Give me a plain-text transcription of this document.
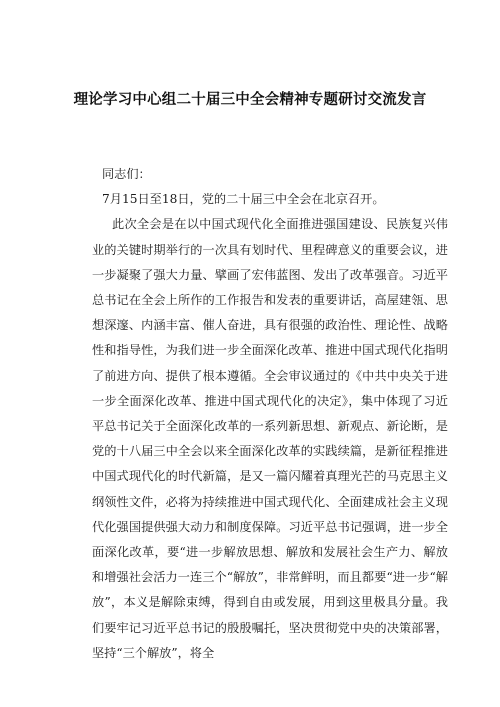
理论学习中心组二十届三中全会精神专题研讨交流发言

同志们：

7月15日至18日，党的二十届三中全会在北京召开。

此次全会是在以中国式现代化全面推进强国建设、民族复兴伟业的关键时期举行的一次具有划时代、里程碑意义的重要会议，进一步凝聚了强大力量、擘画了宏伟蓝图、发出了改革强音。习近平总书记在全会上所作的工作报告和发表的重要讲话，高屋建瓴、思想深邃、内涵丰富、催人奋进，具有很强的政治性、理论性、战略性和指导性，为我们进一步全面深化改革、推进中国式现代化指明了前进方向、提供了根本遵循。全会审议通过的《中共中央关于进一步全面深化改革、推进中国式现代化的决定》，集中体现了习近平总书记关于全面深化改革的一系列新思想、新观点、新论断，是党的十八届三中全会以来全面深化改革的实践续篇，是新征程推进中国式现代化的时代新篇，是又一篇闪耀着真理光芒的马克思主义纲领性文件，必将为持续推进中国式现代化、全面建成社会主义现代化强国提供强大动力和制度保障。习近平总书记强调，进一步全面深化改革，要“进一步解放思想、解放和发展社会生产力、解放和增强社会活力一连三个“解放”，非常鲜明，而且都要“进一步“解放”，本义是解除束缚，得到自由或发展，用到这里极具分量。我们要牢记习近平总书记的殷殷嘱托，坚决贯彻党中央的决策部署，坚持“三个解放”，将全
